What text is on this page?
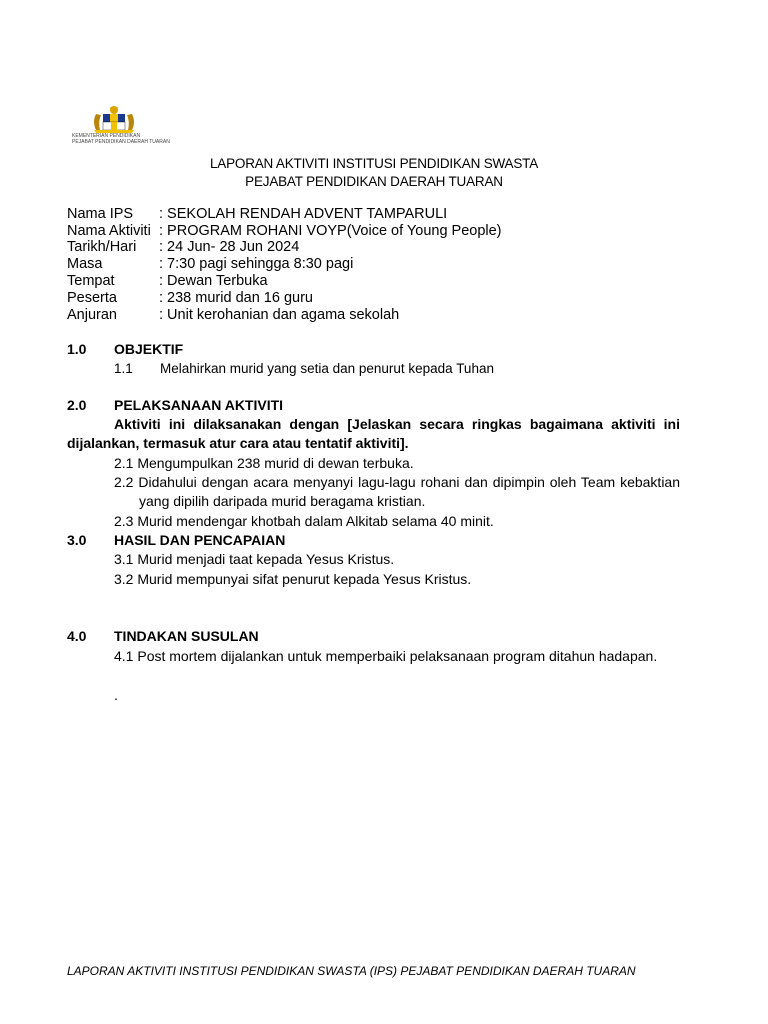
KEMENTERIAN PENDIDIKAN
PEJABAT PENDIDIKAN DAERAH TUARAN
LAPORAN AKTIVITI INSTITUSI PENDIDIKAN SWASTA
PEJABAT PENDIDIKAN DAERAH TUARAN
Nama IPS : SEKOLAH RENDAH ADVENT TAMPARULI
Nama Aktiviti : PROGRAM ROHANI VOYP(Voice of Young People)
Tarikh/Hari : 24 Jun- 28 Jun 2024
Masa	: 7:30 pagi sehingga 8:30 pagi
Tempat	: Dewan Terbuka
Peserta	: 238 murid dan 16 guru
Anjuran	: Unit kerohanian dan agama sekolah
1.0 OBJEKTIF
1.1 Melahirkan murid yang setia dan penurut kepada Tuhan
2.0 PELAKSANAAN AKTIVITI
Aktiviti ini dilaksanakan dengan [Jelaskan secara ringkas bagaimana aktiviti ini dijalankan, termasuk atur cara atau tentatif aktiviti].
2.1 Mengumpulkan 238 murid di dewan terbuka.
2.2 Didahului dengan acara menyanyi lagu-lagu rohani dan dipimpin oleh Team kebaktian yang dipilih daripada murid beragama kristian.
2.3 Murid mendengar khotbah dalam Alkitab selama 40 minit.
3.0 HASIL DAN PENCAPAIAN
3.1 Murid menjadi taat kepada Yesus Kristus.
3.2 Murid mempunyai sifat penurut kepada Yesus Kristus.
4.0 TINDAKAN SUSULAN
4.1 Post mortem dijalankan untuk memperbaiki pelaksanaan program ditahun hadapan.
.
LAPORAN AKTIVITI INSTITUSI PENDIDIKAN SWASTA (IPS) PEJABAT PENDIDIKAN DAERAH TUARAN
